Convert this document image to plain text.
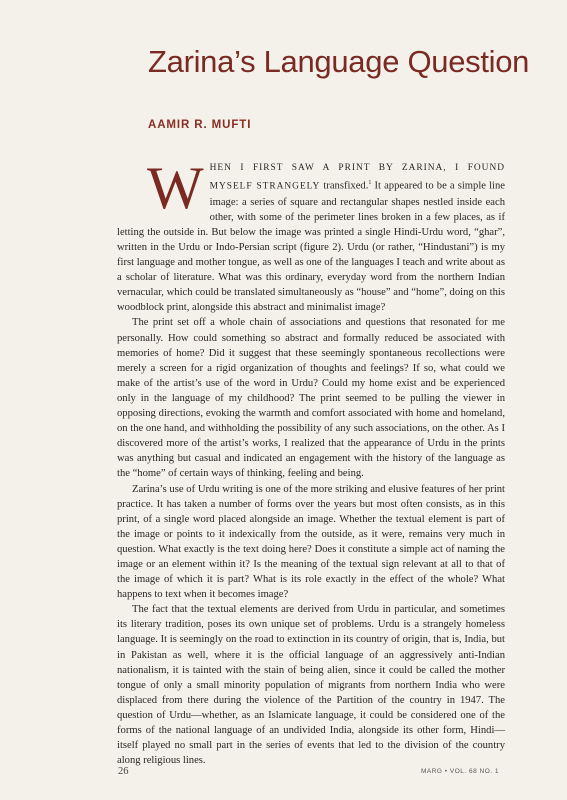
Zarina’s Language Question
AAMIR R. MUFTI

WHEN I FIRST SAW A PRINT BY ZARINA, I FOUND MYSELF STRANGELY transfixed.$^1$ It appeared to be a simple line image: a series of square and rectangular shapes nestled inside each other, with some of the perimeter lines broken in a few places, as if letting the outside in. But below the image was printed a single Hindi-Urdu word, “ghar”, written in the Urdu or Indo-Persian script (figure 2). Urdu (or rather, “Hindustani”) is my first language and mother tongue, as well as one of the languages I teach and write about as a scholar of literature. What was this ordinary, everyday word from the northern Indian vernacular, which could be translated simultaneously as “house” and “home”, doing on this woodblock print, alongside this abstract and minimalist image?

The print set off a whole chain of associations and questions that resonated for me personally. How could something so abstract and formally reduced be associated with memories of home? Did it suggest that these seemingly spontaneous recollections were merely a screen for a rigid organization of thoughts and feelings? If so, what could we make of the artist’s use of the word in Urdu? Could my home exist and be experienced only in the language of my childhood? The print seemed to be pulling the viewer in opposing directions, evoking the warmth and comfort associated with home and homeland, on the one hand, and withholding the possibility of any such associations, on the other. As I discovered more of the artist’s works, I realized that the appearance of Urdu in the prints was anything but casual and indicated an engagement with the history of the language as the “home” of certain ways of thinking, feeling and being.

Zarina’s use of Urdu writing is one of the more striking and elusive features of her print practice. It has taken a number of forms over the years but most often consists, as in this print, of a single word placed alongside an image. Whether the textual element is part of the image or points to it indexically from the outside, as it were, remains very much in question. What exactly is the text doing here? Does it constitute a simple act of naming the image or an element within it? Is the meaning of the textual sign relevant at all to that of the image of which it is part? What is its role exactly in the effect of the whole? What happens to text when it becomes image?

The fact that the textual elements are derived from Urdu in particular, and sometimes its literary tradition, poses its own unique set of problems. Urdu is a strangely homeless language. It is seemingly on the road to extinction in its country of origin, that is, India, but in Pakistan as well, where it is the official language of an aggressively anti-Indian nationalism, it is tainted with the stain of being alien, since it could be called the mother tongue of only a small minority population of migrants from northern India who were displaced from there during the violence of the Partition of the country in 1947. The question of Urdu—whether, as an Islamicate language, it could be considered one of the forms of the national language of an undivided India, alongside its other form, Hindi—itself played no small part in the series of events that led to the division of the country along religious lines.

26	MARG • VOL. 68 NO. 1
